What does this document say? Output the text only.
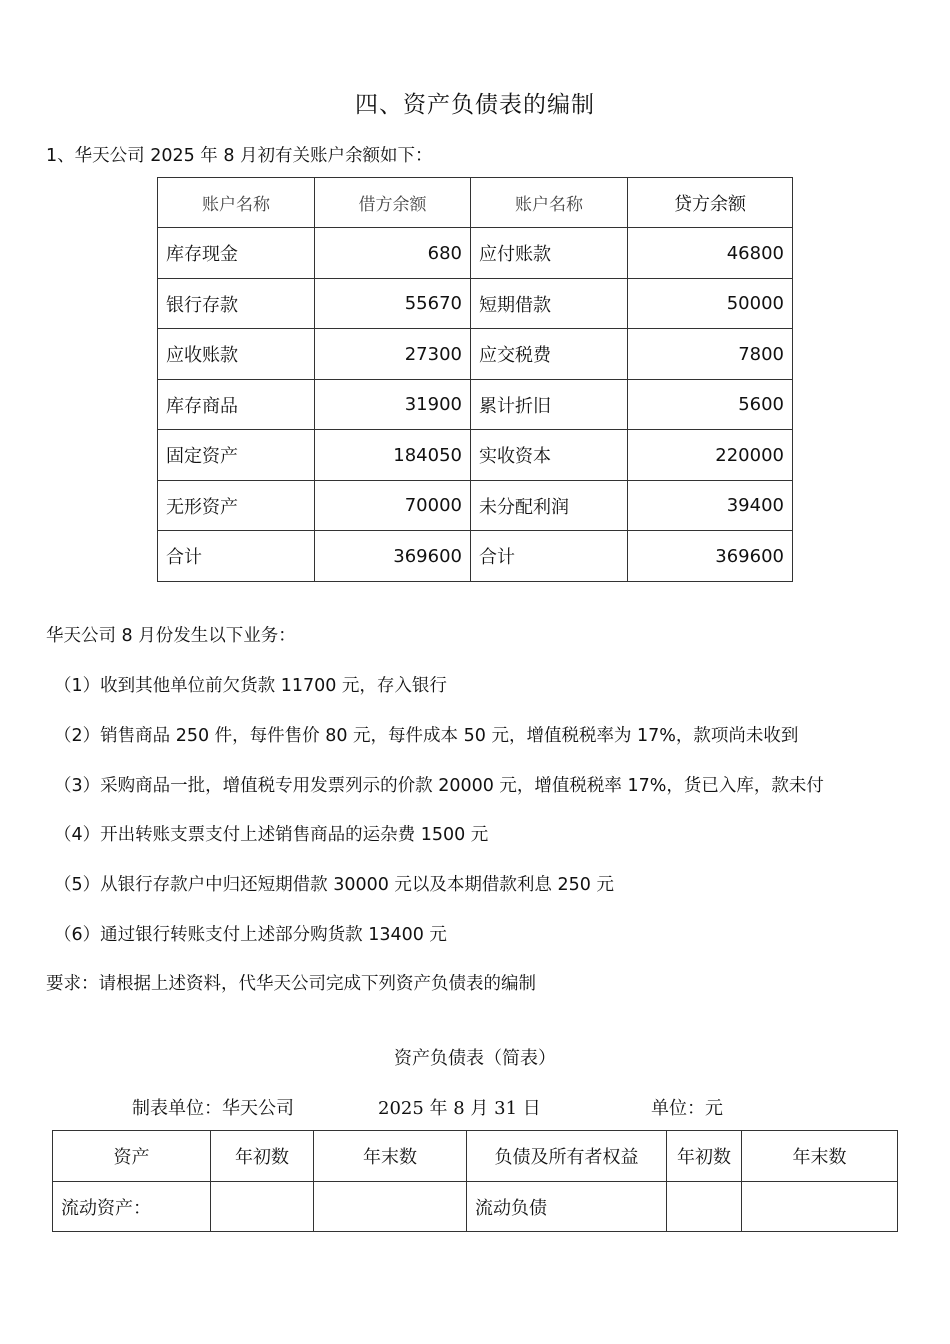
四、资产负债表的编制
1、华天公司 2025 年 8 月初有关账户余额如下：
账户名称	借方余额	账户名称	贷方余额
库存现金	680	应付账款	46800
银行存款	55670	短期借款	50000
应收账款	27300	应交税费	7800
库存商品	31900	累计折旧	5600
固定资产	184050	实收资本	220000
无形资产	70000	未分配利润	39400
合计	369600	合计	369600
华天公司 8 月份发生以下业务：
（1）收到其他单位前欠货款 11700 元，存入银行
（2）销售商品 250 件，每件售价 80 元，每件成本 50 元，增值税税率为 17%，款项尚未收到
（3）采购商品一批，增值税专用发票列示的价款 20000 元，增值税税率 17%，货已入库，款未付
（4）开出转账支票支付上述销售商品的运杂费 1500 元
（5）从银行存款户中归还短期借款 30000 元以及本期借款利息 250 元
（6）通过银行转账支付上述部分购货款 13400 元
要求：请根据上述资料，代华天公司完成下列资产负债表的编制
资产负债表（简表）
制表单位：华天公司	2025 年 8 月 31 日	单位：元
资产	年初数	年末数	负债及所有者权益	年初数	年末数
流动资产：			流动负债		
